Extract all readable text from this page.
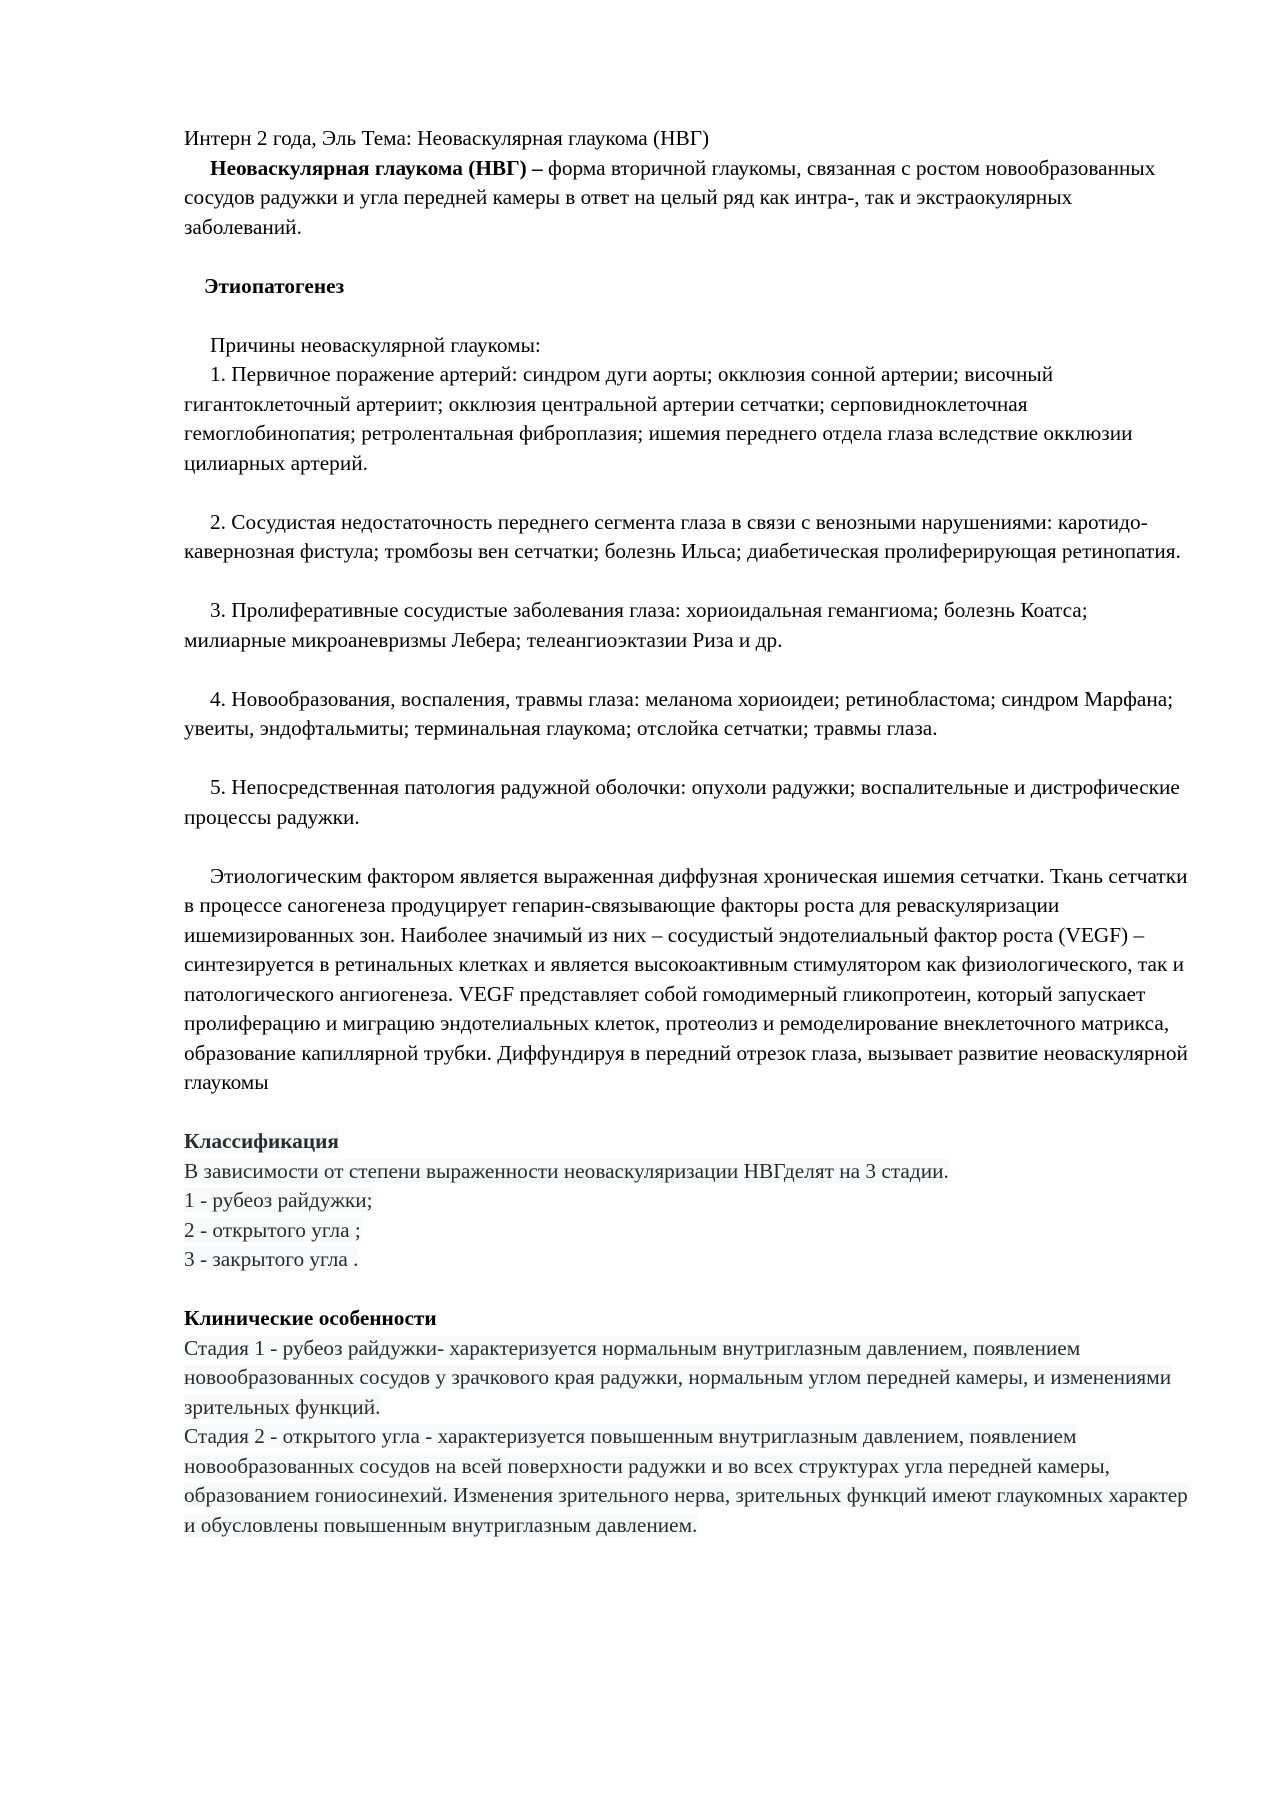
Интерн 2 года, Эль Тема: Неоваскулярная глаукома (НВГ)

Неоваскулярная глаукома (НВГ) – форма вторичной глаукомы, связанная с ростом новообразованных сосудов радужки и угла передней камеры в ответ на целый ряд как интра-, так и экстраокулярных заболеваний.

Этиопатогенез

Причины неоваскулярной глаукомы:

1. Первичное поражение артерий: синдром дуги аорты; окклюзия сонной артерии; височный гигантоклеточный артериит; окклюзия центральной артерии сетчатки; серповидноклеточная гемоглобинопатия; ретролентальная фиброплазия; ишемия переднего отдела глаза вследствие окклюзии цилиарных артерий.

2. Сосудистая недостаточность переднего сегмента глаза в связи с венозными нарушениями: каротидо-кавернозная фистула; тромбозы вен сетчатки; болезнь Ильса; диабетическая пролиферирующая ретинопатия.

3. Пролиферативные сосудистые заболевания глаза: хориоидальная гемангиома; болезнь Коатса; милиарные микроаневризмы Лебера; телеангиоэктазии Риза и др.

4. Новообразования, воспаления, травмы глаза: меланома хориоидеи; ретинобластома; синдром Марфана; увеиты, эндофтальмиты; терминальная глаукома; отслойка сетчатки; травмы глаза.

5. Непосредственная патология радужной оболочки: опухоли радужки; воспалительные и дистрофические процессы радужки.

Этиологическим фактором является выраженная диффузная хроническая ишемия сетчатки. Ткань сетчатки в процессе саногенеза продуцирует гепарин-связывающие факторы роста для реваскуляризации ишемизированных зон. Наиболее значимый из них – сосудистый эндотелиальный фактор роста (VEGF) – синтезируется в ретинальных клетках и является высокоактивным стимулятором как физиологического, так и патологического ангиогенеза. VEGF представляет собой гомодимерный гликопротеин, который запускает пролиферацию и миграцию эндотелиальных клеток, протеолиз и ремоделирование внеклеточного матрикса, образование капиллярной трубки. Диффундируя в передний отрезок глаза, вызывает развитие неоваскулярной глаукомы

Классификация

В зависимости от степени выраженности неоваскуляризации НВГделят на 3 стадии.

1 - рубеоз райдужки;

2 - открытого угла ;

3 - закрытого угла .

Клинические особенности

Стадия 1 - рубеоз райдужки- характеризуется нормальным внутриглазным давлением, появлением новообразованных сосудов у зрачкового края радужки, нормальным углом передней камеры, и изменениями зрительных функций.

Стадия 2 - открытого угла - характеризуется повышенным внутриглазным давлением, появлением новообразованных сосудов на всей поверхности радужки и во всех структурах угла передней камеры, образованием гониосинехий. Изменения зрительного нерва, зрительных функций имеют глаукомных характер и обусловлены повышенным внутриглазным давлением.
